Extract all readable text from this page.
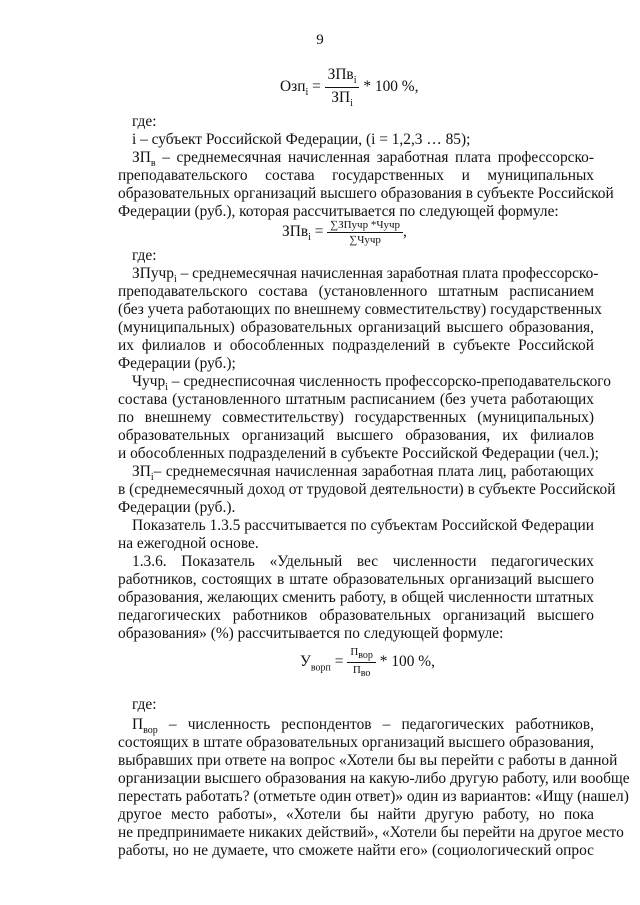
9
$Oзп_i = \frac{ЗПв_i}{ЗП_i} * 100$ %,
где:
i – субъект Российской Федерации, (i = 1,2,3 … 85);
$ЗП_в$ – среднемесячная начисленная заработная плата профессорско-
преподавательского состава государственных и муниципальных
образовательных организаций высшего образования в субъекте Российской
Федерации (руб.), которая рассчитывается по следующей формуле:
$ЗПв_i = \frac{\text{∑ЗПучр *Чучр}}{\text{∑Чучр}}$ ,
где:
ЗПучр$_i$ – среднемесячная начисленная заработная плата профессорско-
преподавательского состава (установленного штатным расписанием
(без учета работающих по внешнему совместительству) государственных
(муниципальных) образовательных организаций высшего образования,
их филиалов и обособленных подразделений в субъекте Российской
Федерации (руб.);
Чучр$_i$ – среднесписочная численность профессорско-преподавательского
состава (установленного штатным расписанием (без учета работающих
по внешнему совместительству) государственных (муниципальных)
образовательных организаций высшего образования, их филиалов
и обособленных подразделений в субъекте Российской Федерации (чел.);
$ЗП_i-$ среднемесячная начисленная заработная плата лиц, работающих
в (среднемесячный доход от трудовой деятельности) в субъекте Российской
Федерации (руб.).
Показатель 1.3.5 рассчитывается по субъектам Российской Федерации
на ежегодной основе.
1.3.6. Показатель «Удельный вес численности педагогических
работников, состоящих в штате образовательных организаций высшего
образования, желающих сменить работу, в общей численности штатных
педагогических работников образовательных организаций высшего
образования» (%) рассчитывается по следующей формуле:
$У_{ворп} = \frac{П_{вор}}{П_{во}} * 100$ %,
где:
$П_{вор}$ – численность респондентов – педагогических работников,
состоящих в штате образовательных организаций высшего образования,
выбравших при ответе на вопрос «Хотели бы вы перейти с работы в данной
организации высшего образования на какую-либо другую работу, или вообще
перестать работать? (отметьте один ответ)» один из вариантов: «Ищу (нашел)
другое место работы», «Хотели бы найти другую работу, но пока
не предпринимаете никаких действий», «Хотели бы перейти на другое место
работы, но не думаете, что сможете найти его» (социологический опрос
